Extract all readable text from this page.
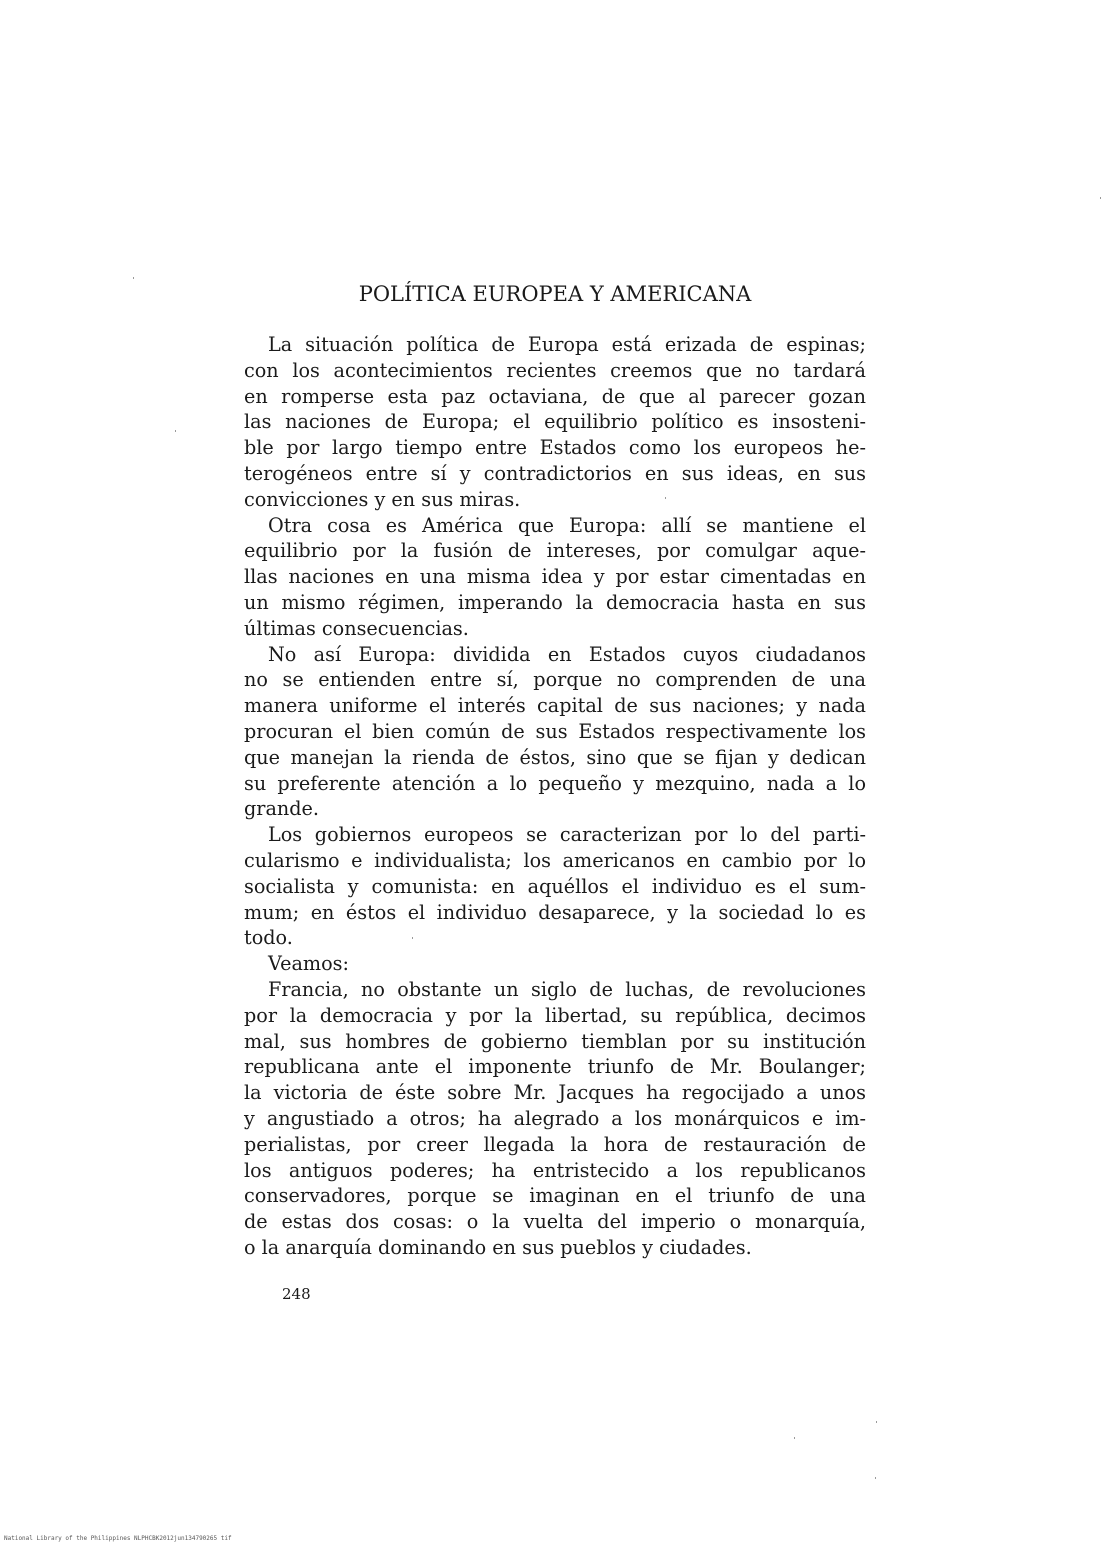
POLÍTICA EUROPEA Y AMERICANA
La situación política de Europa está erizada de espinas;
con los acontecimientos recientes creemos que no tardará
en romperse esta paz octaviana, de que al parecer gozan
las naciones de Europa; el equilibrio político es insosteni-
ble por largo tiempo entre Estados como los europeos he-
terogéneos entre sí y contradictorios en sus ideas, en sus
convicciones y en sus miras.
Otra cosa es América que Europa: allí se mantiene el
equilibrio por la fusión de intereses, por comulgar aque-
llas naciones en una misma idea y por estar cimentadas en
un mismo régimen, imperando la democracia hasta en sus
últimas consecuencias.
No así Europa: dividida en Estados cuyos ciudadanos
no se entienden entre sí, porque no comprenden de una
manera uniforme el interés capital de sus naciones; y nada
procuran el bien común de sus Estados respectivamente los
que manejan la rienda de éstos, sino que se fijan y dedican
su preferente atención a lo pequeño y mezquino, nada a lo
grande.
Los gobiernos europeos se caracterizan por lo del parti-
cularismo e individualista; los americanos en cambio por lo
socialista y comunista: en aquéllos el individuo es el sum-
mum; en éstos el individuo desaparece, y la sociedad lo es
todo.
Veamos:
Francia, no obstante un siglo de luchas, de revoluciones
por la democracia y por la libertad, su república, decimos
mal, sus hombres de gobierno tiemblan por su institución
republicana ante el imponente triunfo de Mr. Boulanger;
la victoria de éste sobre Mr. Jacques ha regocijado a unos
y angustiado a otros; ha alegrado a los monárquicos e im-
perialistas, por creer llegada la hora de restauración de
los antiguos poderes; ha entristecido a los republicanos
conservadores, porque se imaginan en el triunfo de una
de estas dos cosas: o la vuelta del imperio o monarquía,
o la anarquía dominando en sus pueblos y ciudades.
248
National Library of the Philippines NLPHCBK2012jun134790265 tif
